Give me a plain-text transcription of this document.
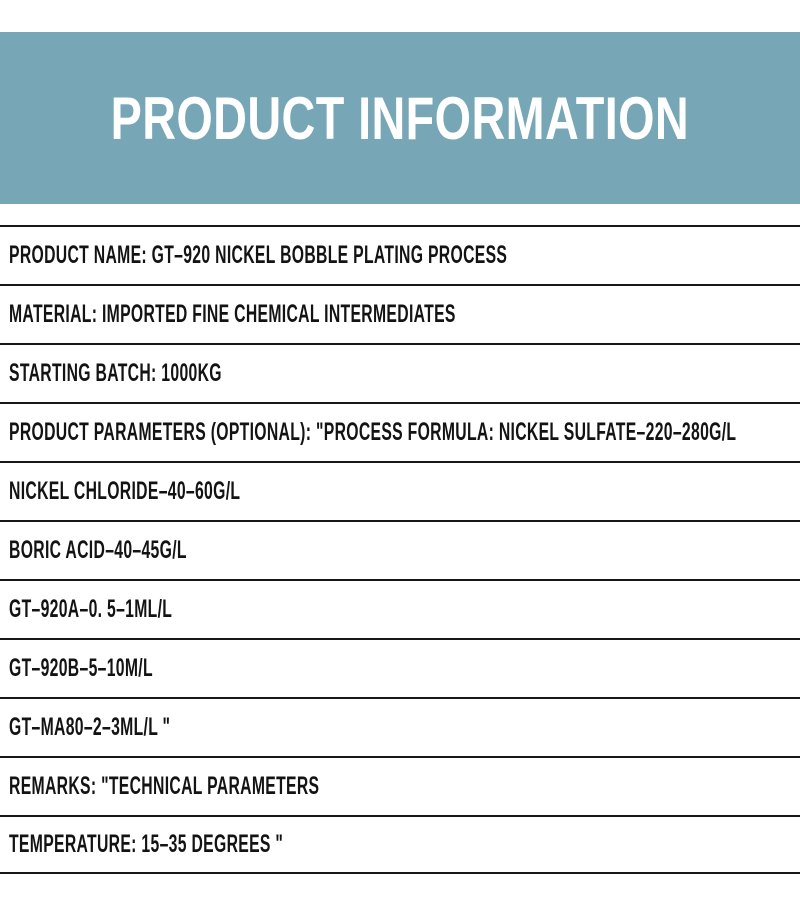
PRODUCT INFORMATION
PRODUCT NAME: GT–920 NICKEL BOBBLE PLATING PROCESS
MATERIAL: IMPORTED FINE CHEMICAL INTERMEDIATES
STARTING BATCH: 1000KG
PRODUCT PARAMETERS (OPTIONAL): "PROCESS FORMULA: NICKEL SULFATE–220–280G/L
NICKEL CHLORIDE–40–60G/L
BORIC ACID–40–45G/L
GT–920A–0. 5–1ML/L
GT–920B–5–10M/L
GT–MA80–2–3ML/L "
REMARKS: "TECHNICAL PARAMETERS
TEMPERATURE: 15–35 DEGREES "
